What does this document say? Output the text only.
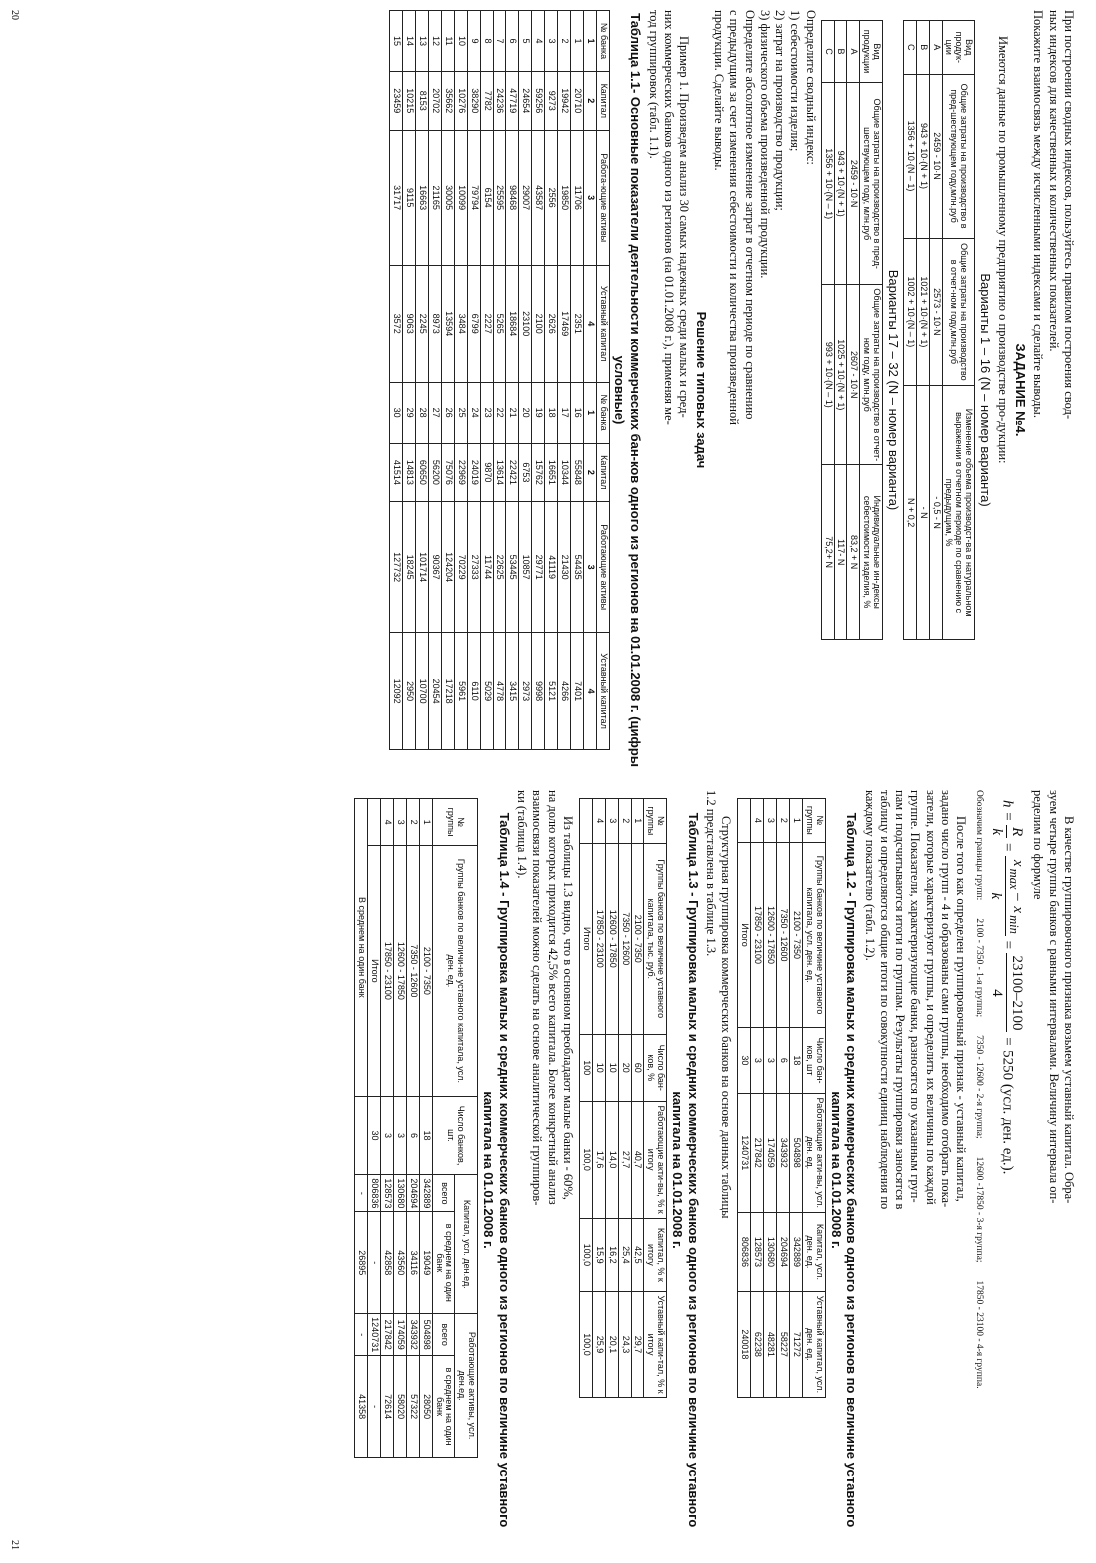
При построении сводных индексов, пользуйтесь правилом построения свод-

ных индексов для качественных и количественных показателей.

Покажите взаимосвязь между исчисленными индексами и сделайте выводы.

ЗАДАНИЕ №4.

Имеются данные по промышленному предприятию о производстве про-дукции:

Варианты 1 – 16 (N – номер варианта)
Вид продук-ции	Общие затраты на производство в пред-шествующем году,млн.руб	Общие затраты на производство в отчет-ном году,млн.руб	Изменение объема производст-ва в натуральном выражении в отчетном периоде по сравнению с предыдущим, %
А	2459 - 10·N	2573 - 10·N	- 0,5 - N
В	943 + 10·(N + 1)	1021 + 10·(N + 1)	- N
С	1356 + 10·(N – 1)	1002 + 10·(N – 1)	N + 0,2
Варианты 17 – 32 (N – номер варианта)
Вид продукции	Общие затраты на производство в пред-шествующем году, млн.руб	Общие затраты на производство в отчет-ном году, млн.руб	Индивидуальные ин-дексы себестоимости изделия, %
А	2459 - 10·N	2607 - 10·N	83,2 + N
В	943 + 10·(N + 1)	1025 + 10·(N + 1)	117- N
С	1356 + 10·(N – 1)	993 + 10·(N – 1)	75,2+ N

Определите сводный индекс:

1) себестоимости изделия;

2) затрат на производство продукции;

3) физического объема произведенной продукции.

Определите абсолютное изменение затрат в отчетном периоде по сравнению

с предыдущим за счет изменения себестоимости и количества произведенной

продукции. Сделайте выводы.

Решение типовых задач

Пример 1. Произведем анализ 30 самых надежных среди малых и сред-

них коммерческих банков одного из регионов (на 01.01.2008 г.), применяя ме-

тод группировок (табл. 1.1).

Таблица 1.1- Основные показатели деятельности коммерческих бан-ков одного из регионов на 01.01.2008 г. (цифры условные)
№ банка	Капитал	Работа-ющие активы	Уставный капитал	№ банка	Капитал	Работающие активы	Уставный капитал
1	2	3	4	1	2	3	4
1	20710	11706	2351	16	55848	54435	7401
2	19942	19850	17469	17	10344	21430	4266
3	9273	2556	2626	18	16651	41119	5121
4	59256	43587	2100	19	15762	29771	9998
5	24654	29007	23100	20	6753	10857	2973
6	47719	98468	18684	21	22421	53445	3415
7	24236	25595	5265	22	13614	22625	4778
8	7782	6154	2227	23	9870	11744	5029
9	38290	79794	6799	24	24019	27333	6110
10	10276	10099	3484	25	22969	70229	5961
11	35662	30005	13594	26	75076	124204	17218
12	20702	21165	8973	27	56200	90367	20454
13	8153	16663	2245	28	60650	101714	10700
14	10215	9115	9063	29	14813	18245	2950
15	23459	31717	3572	30	41514	127732	12092
20

В качестве группировочного признака возьмем уставный капитал. Обра-

зуем четыре группы банков с равными интервалами. Величину интервала оп-

ределим по формуле

h =
R
k
=
$x_{max} - x_{min}$
k
=
23100–2100
4
= 5250 (усл. ден. ед.).
Обозначим границы групп:
2100 - 7350 - 1-я группа;
7350 - 12600 - 2-я группа;
12600 -17850 - 3-я группа;
17850 - 23100 - 4-я группа.

После того как определен группировочный признак - уставный капитал,

задано число групп - 4 и образованы сами группы, необходимо отобрать пока-

затели, которые характеризуют группы, и определить их величины по каждой

группе. Показатели, характеризующие банки, разносятся по указанным груп-

пам и подсчитываются итоги по группам. Результаты группировки заносятся в

таблицу и определяются общие итоги по совокупности единиц наблюдения по

каждому показателю (табл. 1.2).

Таблица 1.2 - Группировка малых и средних коммерческих банков одного из регионов по величине уставного капитала на 01.01.2008 г.
№ группы	Группы банков по величине уставного капитала, усл. ден. ед.	Число бан-ков, шт	Работающие акти-вы, усл. ден. ед.	Капитал, усл. ден. ед.	Уставный капитал, усл. ден. ед.
1	2100 - 7350	18	504898	342889	71272
2	7350 - 12600	6	343932	204694	58227
3	12600 - 17850	3	174059	130680	48281
4	17850 - 23100	3	217842	128573	62238
	Итого	30	1240731	806836	240018

Структурная группировка коммерческих банков на основе данных таблицы

1.2 представлена в таблице 1.3.

Таблица 1.3 - Группировка малых и средних коммерческих банков одного из регионов по величине уставного капитала на 01.01.2008 г.
№ группы	Группы банков по величине уставного капитала, тыс. руб.	Число бан-ков, %	Работающие акти-вы, % к итогу	Капитал, % к итогу	Уставный капи-тал, % к итогу
1	2100 - 7350	60	40,7	42,5	29,7
2	7350 - 12600	20	27,7	25,4	24,3
3	12600 - 17850	10	14,0	16,2	20,1
4	17850 - 23100	10	17,6	15,9	25,9
	Итого	100	100,0	100,0	100,0

Из таблицы 1.3 видно, что в основном преобладают малые банки - 60%,

на долю которых приходится 42,5% всего капитала. Более конкретный анализ

взаимосвязи показателей можно сделать на основе аналитической группиров-

ки (таблица 1.4).

Таблица 1.4 - Группировка малых и средних коммерческих банков одного из регионов по величине уставного капитала на 01.01.2008 г.
№ группы	Группы банков по величи-не уставного капитала, усл. ден. ед.	Число банков, шт.	Капитал, усл. ден.ед.		Работающие активы, усл. ден.ед.	
			всего	в среднем на один банк	всего	в среднем на один банк
1	2100 - 7350	18	342889	19049	504898	28050
2	7350 - 12600	6	204694	34116	343932	57322
3	12600 - 17850	3	130680	43560	174059	58020
4	17850 - 23100	3	128573	42858	217842	72614
	Итого	30	806836	-	1240731	-
В среднем на один банк			-	26895	-	41358
21
